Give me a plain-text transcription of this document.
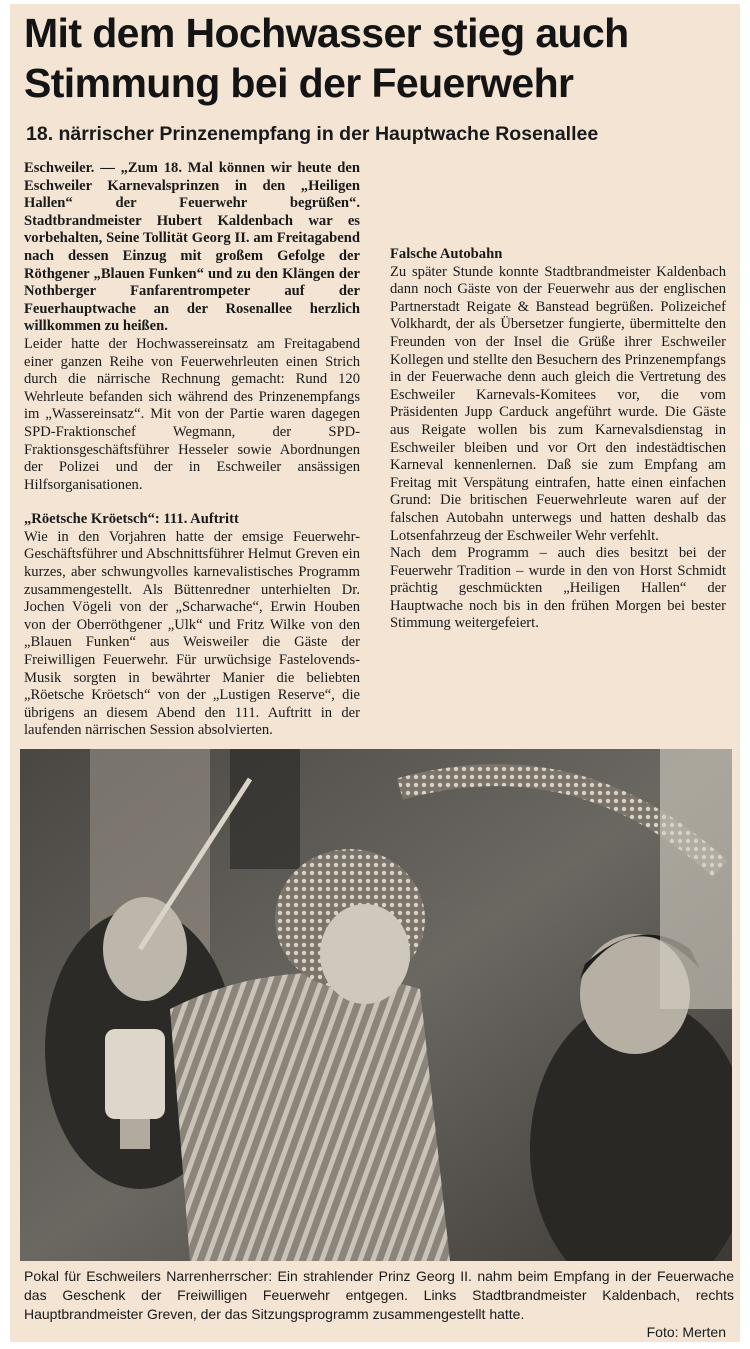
Mit dem Hochwasser stieg auch
Stimmung bei der Feuerwehr
18. närrischer Prinzenempfang in der Hauptwache Rosenallee

Eschweiler. — „Zum 18. Mal können wir heute den Eschweiler Karnevalsprinzen in den „Heiligen Hallen“ der Feuerwehr begrüßen“. Stadtbrandmeister Hubert Kaldenbach war es vorbehalten, Seine Tollität Georg II. am Freitagabend nach dessen Einzug mit großem Gefolge der Röthgener „Blauen Funken“ und zu den Klängen der Nothberger Fanfarentrompeter auf der Feuerhauptwache an der Rosenallee herzlich willkommen zu heißen.

Leider hatte der Hochwassereinsatz am Freitagabend einer ganzen Reihe von Feuerwehrleuten einen Strich durch die närrische Rechnung gemacht: Rund 120 Wehrleute befanden sich während des Prinzenempfangs im „Wassereinsatz“. Mit von der Partie waren dagegen SPD-Fraktionschef Wegmann, der SPD-Fraktionsgeschäftsführer Hesseler sowie Abordnungen der Polizei und der in Eschweiler ansässigen Hilfsorganisationen.

„Röetsche Kröetsch“: 111. Auftritt

Wie in den Vorjahren hatte der emsige Feuerwehr-Geschäftsführer und Abschnittsführer Helmut Greven ein kurzes, aber schwungvolles karnevalistisches Programm zusammengestellt. Als Büttenredner unterhielten Dr. Jochen Vögeli von der „Scharwache“, Erwin Houben von der Oberröthgener „Ulk“ und Fritz Wilke von den „Blauen Funken“ aus Weisweiler die Gäste der Freiwilligen Feuerwehr. Für urwüchsige Fastelovends-Musik sorgten in bewährter Manier die beliebten „Röetsche Kröetsch“ von der „Lustigen Reserve“, die übrigens an diesem Abend den 111. Auftritt in der laufenden närrischen Session absolvierten.

Falsche Autobahn

Zu später Stunde konnte Stadtbrandmeister Kaldenbach dann noch Gäste von der Feuerwehr aus der englischen Partnerstadt Reigate & Banstead begrüßen. Polizeichef Volkhardt, der als Übersetzer fungierte, übermittelte den Freunden von der Insel die Grüße ihrer Eschweiler Kollegen und stellte den Besuchern des Prinzenempfangs in der Feuerwache denn auch gleich die Vertretung des Eschweiler Karnevals-Komitees vor, die vom Präsidenten Jupp Carduck angeführt wurde. Die Gäste aus Reigate wollen bis zum Karnevalsdienstag in Eschweiler bleiben und vor Ort den indestädtischen Karneval kennenlernen. Daß sie zum Empfang am Freitag mit Verspätung eintrafen, hatte einen einfachen Grund: Die britischen Feuerwehrleute waren auf der falschen Autobahn unterwegs und hatten deshalb das Lotsenfahrzeug der Eschweiler Wehr verfehlt.

Nach dem Programm – auch dies besitzt bei der Feuerwehr Tradition – wurde in den von Horst Schmidt prächtig geschmückten „Heiligen Hallen“ der Hauptwache noch bis in den frühen Morgen bei bester Stimmung weitergefeiert.

Pokal für Eschweilers Narrenherrscher: Ein strahlender Prinz Georg II. nahm beim Empfang in der Feuerwache das Geschenk der Freiwilligen Feuerwehr entgegen. Links Stadtbrandmeister Kaldenbach, rechts Hauptbrandmeister Greven, der das Sitzungsprogramm zusammengestellt hatte.
Foto: Merten
